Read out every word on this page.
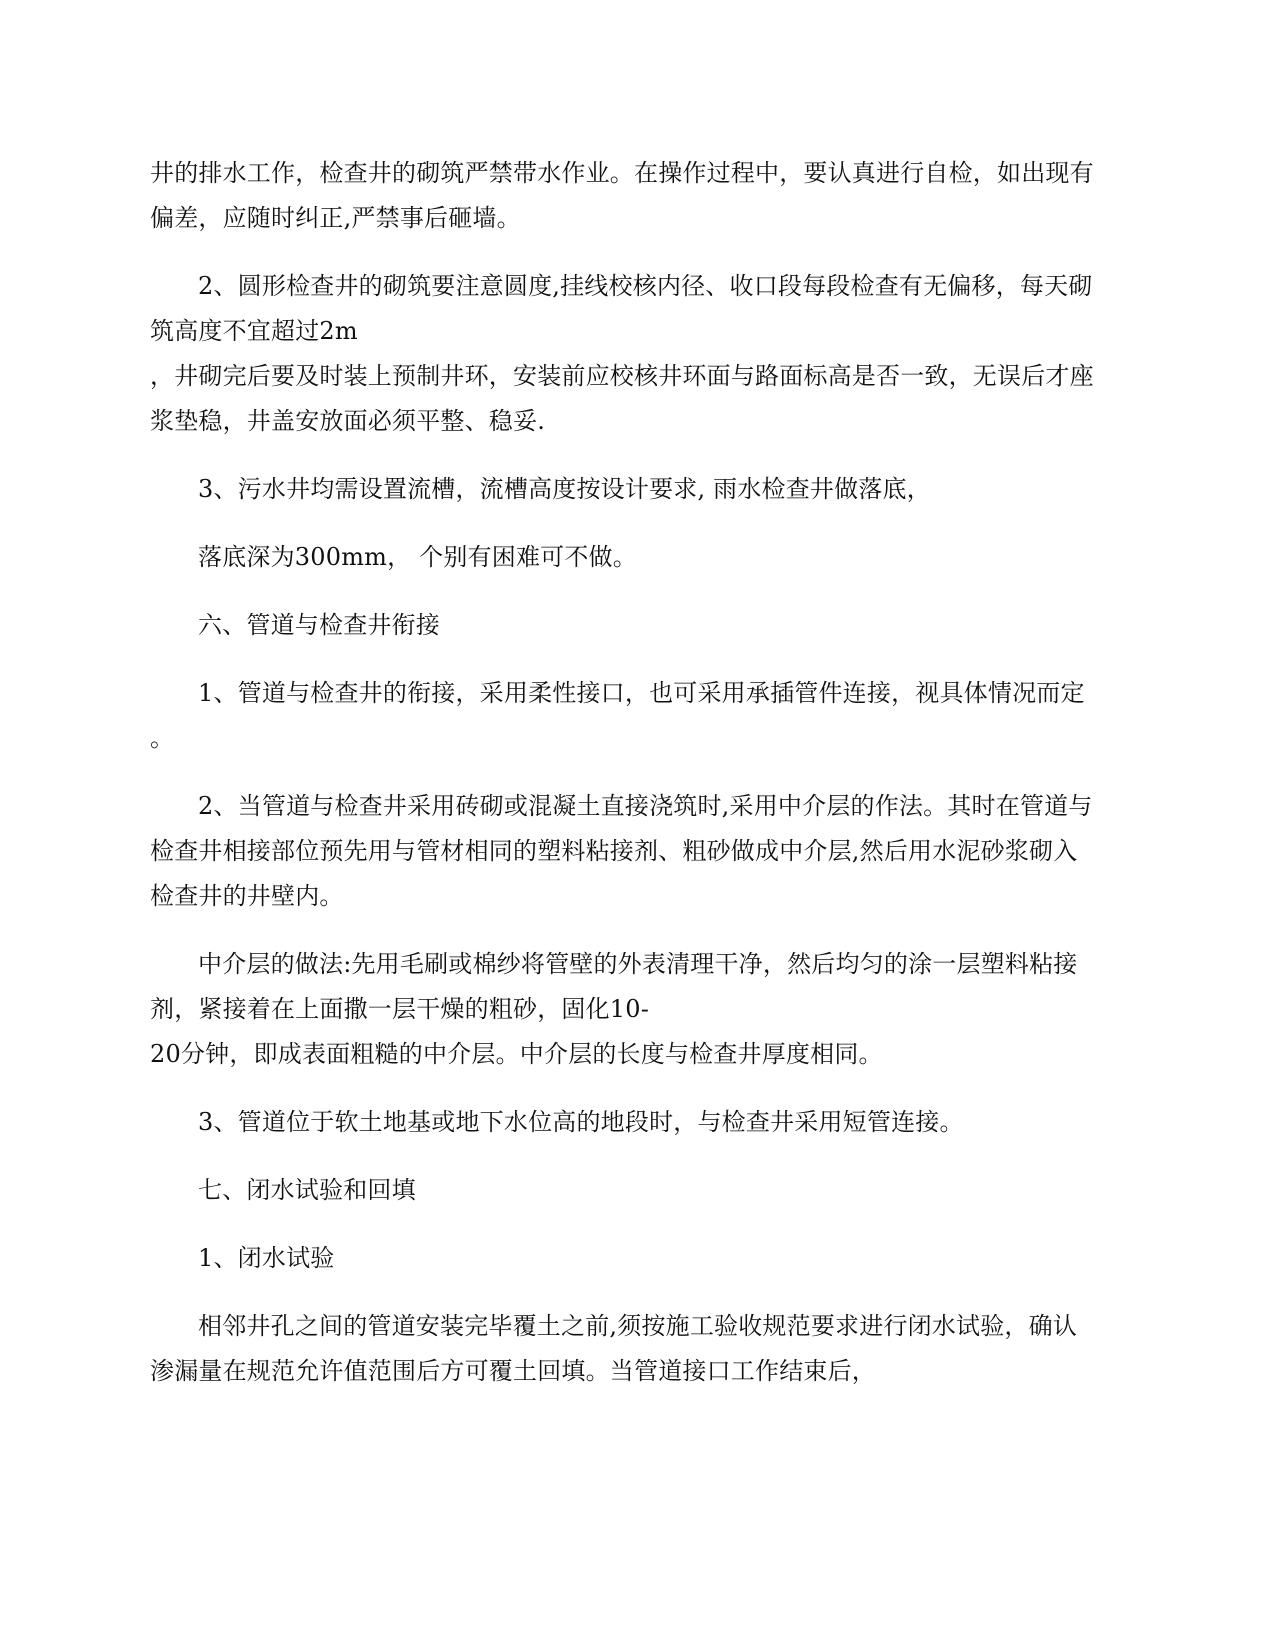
井的排水工作，检查井的砌筑严禁带水作业。在操作过程中，要认真进行自检，如出现有
偏差，应随时纠正,严禁事后砸墙。
2、圆形检查井的砌筑要注意圆度,挂线校核内径、收口段每段检查有无偏移，每天砌
筑高度不宜超过2m
，井砌完后要及时装上预制井环，安装前应校核井环面与路面标高是否一致，无误后才座
浆垫稳，井盖安放面必须平整、稳妥.
3、污水井均需设置流槽，流槽高度按设计要求, 雨水检查井做落底，
落底深为300mm， 个别有困难可不做。
六、管道与检查井衔接
1、管道与检查井的衔接，采用柔性接口，也可采用承插管件连接，视具体情况而定
。
2、当管道与检查井采用砖砌或混凝土直接浇筑时,采用中介层的作法。其时在管道与
检查井相接部位预先用与管材相同的塑料粘接剂、粗砂做成中介层,然后用水泥砂浆砌入
检查井的井壁内。
中介层的做法:先用毛刷或棉纱将管壁的外表清理干净，然后均匀的涂一层塑料粘接
剂，紧接着在上面撒一层干燥的粗砂，固化10-
20分钟，即成表面粗糙的中介层。中介层的长度与检查井厚度相同。
3、管道位于软土地基或地下水位高的地段时，与检查井采用短管连接。
七、闭水试验和回填
1、闭水试验
相邻井孔之间的管道安装完毕覆土之前,须按施工验收规范要求进行闭水试验，确认
渗漏量在规范允许值范围后方可覆土回填。当管道接口工作结束后，
